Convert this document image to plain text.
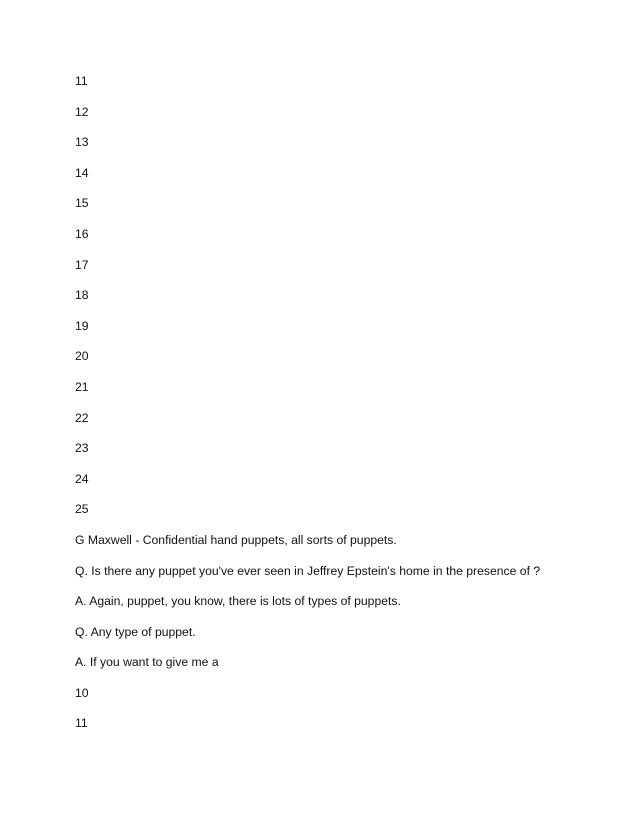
11
12
13
14
15
16
17
18
19
20
21
22
23
24
25
G Maxwell - Confidential hand puppets, all sorts of puppets.
Q. Is there any puppet you've ever seen in Jeffrey Epstein's home in the presence of ?
A. Again, puppet, you know, there is lots of types of puppets.
Q. Any type of puppet.
A. If you want to give me a
10
11
